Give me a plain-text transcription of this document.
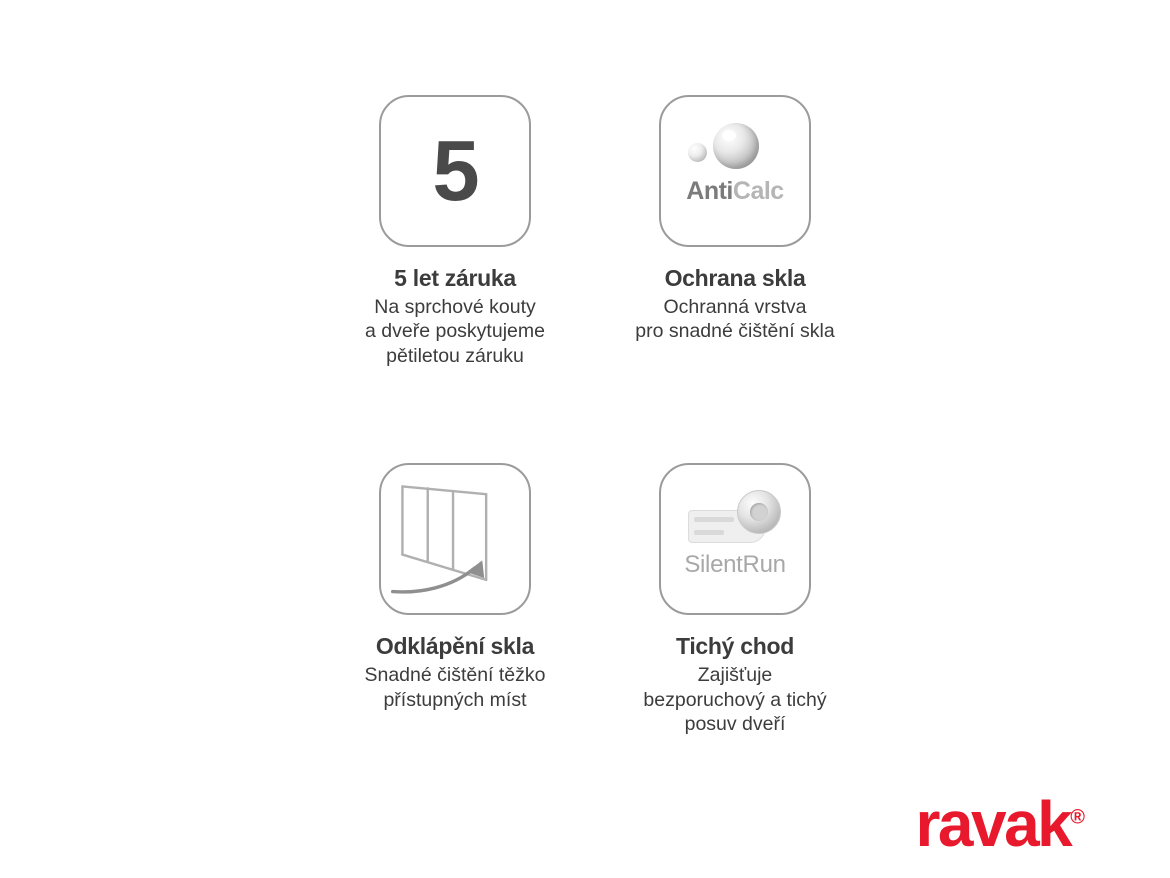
5
5 let záruka
Na sprchové kouty
a dveře poskytujeme
pětiletou záruku
AntiCalc
Ochrana skla
Ochranná vrstva
pro snadné čištění skla
Odklápění skla
Snadné čištění těžko
přístupných míst
SilentRun
Tichý chod
Zajišťuje
bezporuchový a tichý
posuv dveří
ravak®
